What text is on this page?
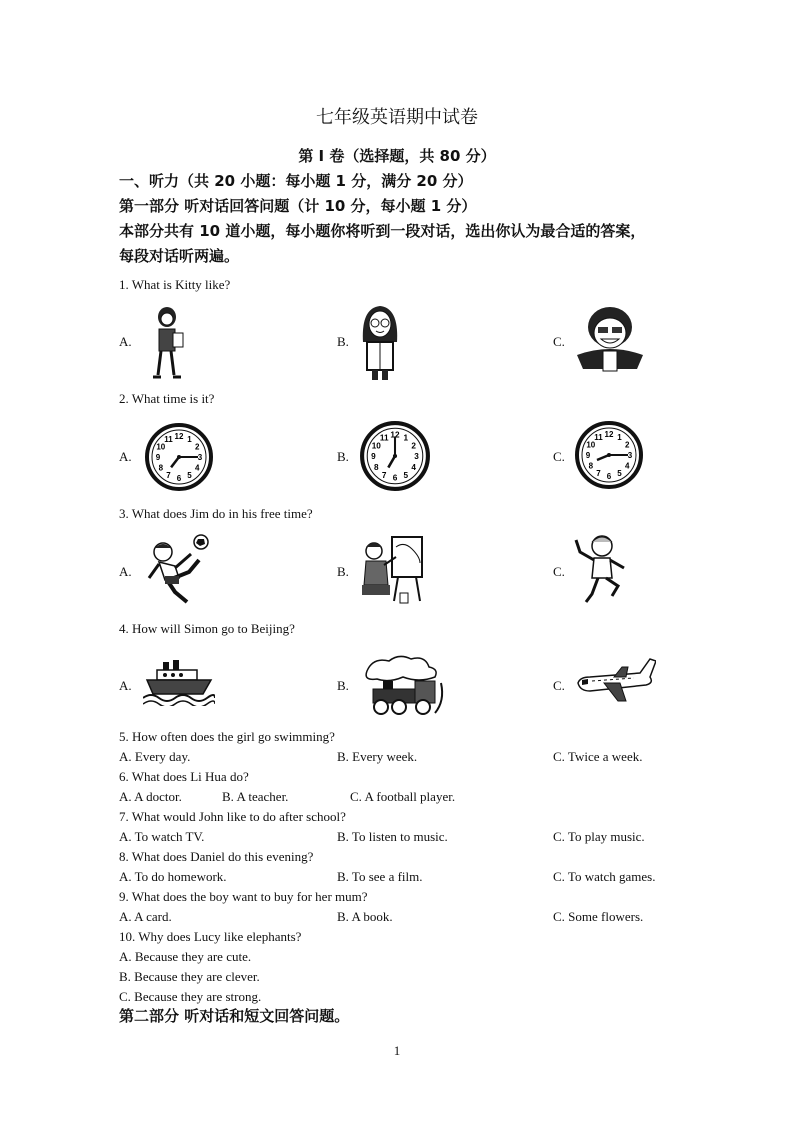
七年级英语期中试卷
第 I 卷（选择题，共 80 分）
一、听力（共 20 小题：每小题 1 分，满分 20 分）
第一部分 听对话回答问题（计 10 分，每小题 1 分）
本部分共有 10 道小题，每小题你将听到一段对话，选出你认为最合适的答案，
每段对话听两遍。
1. What is Kitty like?
A.	B.	C.
2. What time is it?
A.	B.	C.
12 1
2
3
4
5
6
7
8
9
10
11	12 1
2
3
4
5
6
7
8
9
10
11	12 1
2
3
4
5
6
7
8
9
10
11
3. What does Jim do in his free time?
A.	B.	C.
4. How will Simon go to Beijing?
A.	B.	C.
5. How often does the girl go swimming?
A. Every day.	B. Every week.	C. Twice a week.
6. What does Li Hua do?
A. A doctor.	B. A teacher.	C. A football player.
7. What would John like to do after school?
A. To watch TV.	B. To listen to music.	C. To play music.
8. What does Daniel do this evening?
A. To do homework.	B. To see a film.	C. To watch games.
9. What does the boy want to buy for her mum?
A. A card.	B. A book.	C. Some flowers.
10. Why does Lucy like elephants?
A. Because they are cute.
B. Because they are clever.
C. Because they are strong.
第二部分 听对话和短文回答问题。
1
